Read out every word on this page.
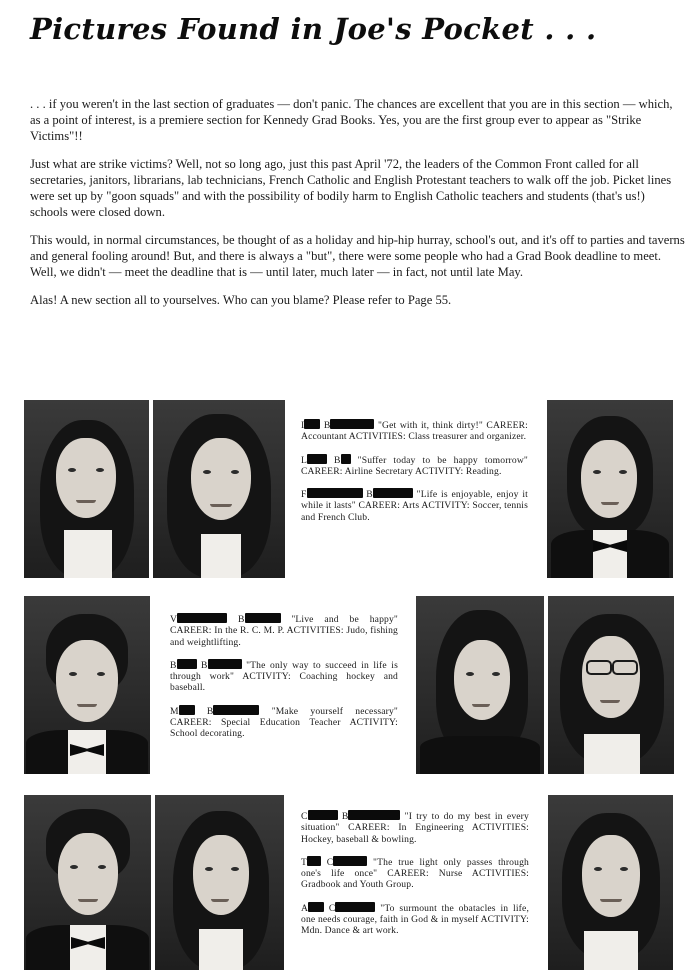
Pictures Found in Joe's Pocket . . .

. . . if you weren't in the last section of graduates — don't panic. The chances are excellent that you are in this section — which, as a point of interest, is a premiere section for Kennedy Grad Books. Yes, you are the first group ever to appear as "Strike Victims"!!

Just what are strike victims? Well, not so long ago, just this past April '72, the leaders of the Common Front called for all secretaries, janitors, librarians, lab technicians, French Catholic and English Protestant teachers to walk off the job. Picket lines were set up by "goon squads" and with the possibility of bodily harm to English Catholic teachers and students (that's us!) schools were closed down.

This would, in normal circumstances, be thought of as a holiday and hip-hip hurray, school's out, and it's off to parties and taverns and general fooling around! But, and there is always a "but", there were some people who had a Grad Book deadline to meet. Well, we didn't — meet the deadline that is — until later, much later — in fact, not until late May.

Alas! A new section all to yourselves. Who can you blame? Please refer to Page 55.

I B	"Get with it, think dirty!" CAREER: Accountant ACTIVITIES: Class treasurer and organizer.

L	B "Suffer today to be happy tomorrow" CAREER: Airline Secretary ACTIVITY: Reading.

F	B	"Life is enjoyable, enjoy it while it lasts" CAREER: Arts ACTIVITY: Soccer, tennis and French Club.

V	B	"Live and be happy" CAREER: In the R. C. M. P. ACTIVITIES: Judo, fishing and weightlifting.

B	B	"The only way to succeed in life is through work" ACTIVITY: Coaching hockey and baseball.

M	B	"Make yourself necessary" CAREER: Special Education Teacher ACTIVITY: School decorating.

C	B	"I try to do my best in every situation" CAREER: In Engineering ACTIVITIES: Hockey, baseball & bowling.

T C	"The true light only passes through one's life once" CAREER: Nurse ACTIVITIES: Gradbook and Youth Group.

A C	"To surmount the obatacles in life, one needs courage, faith in God & in myself ACTIVITY: Mdn. Dance & art work.
